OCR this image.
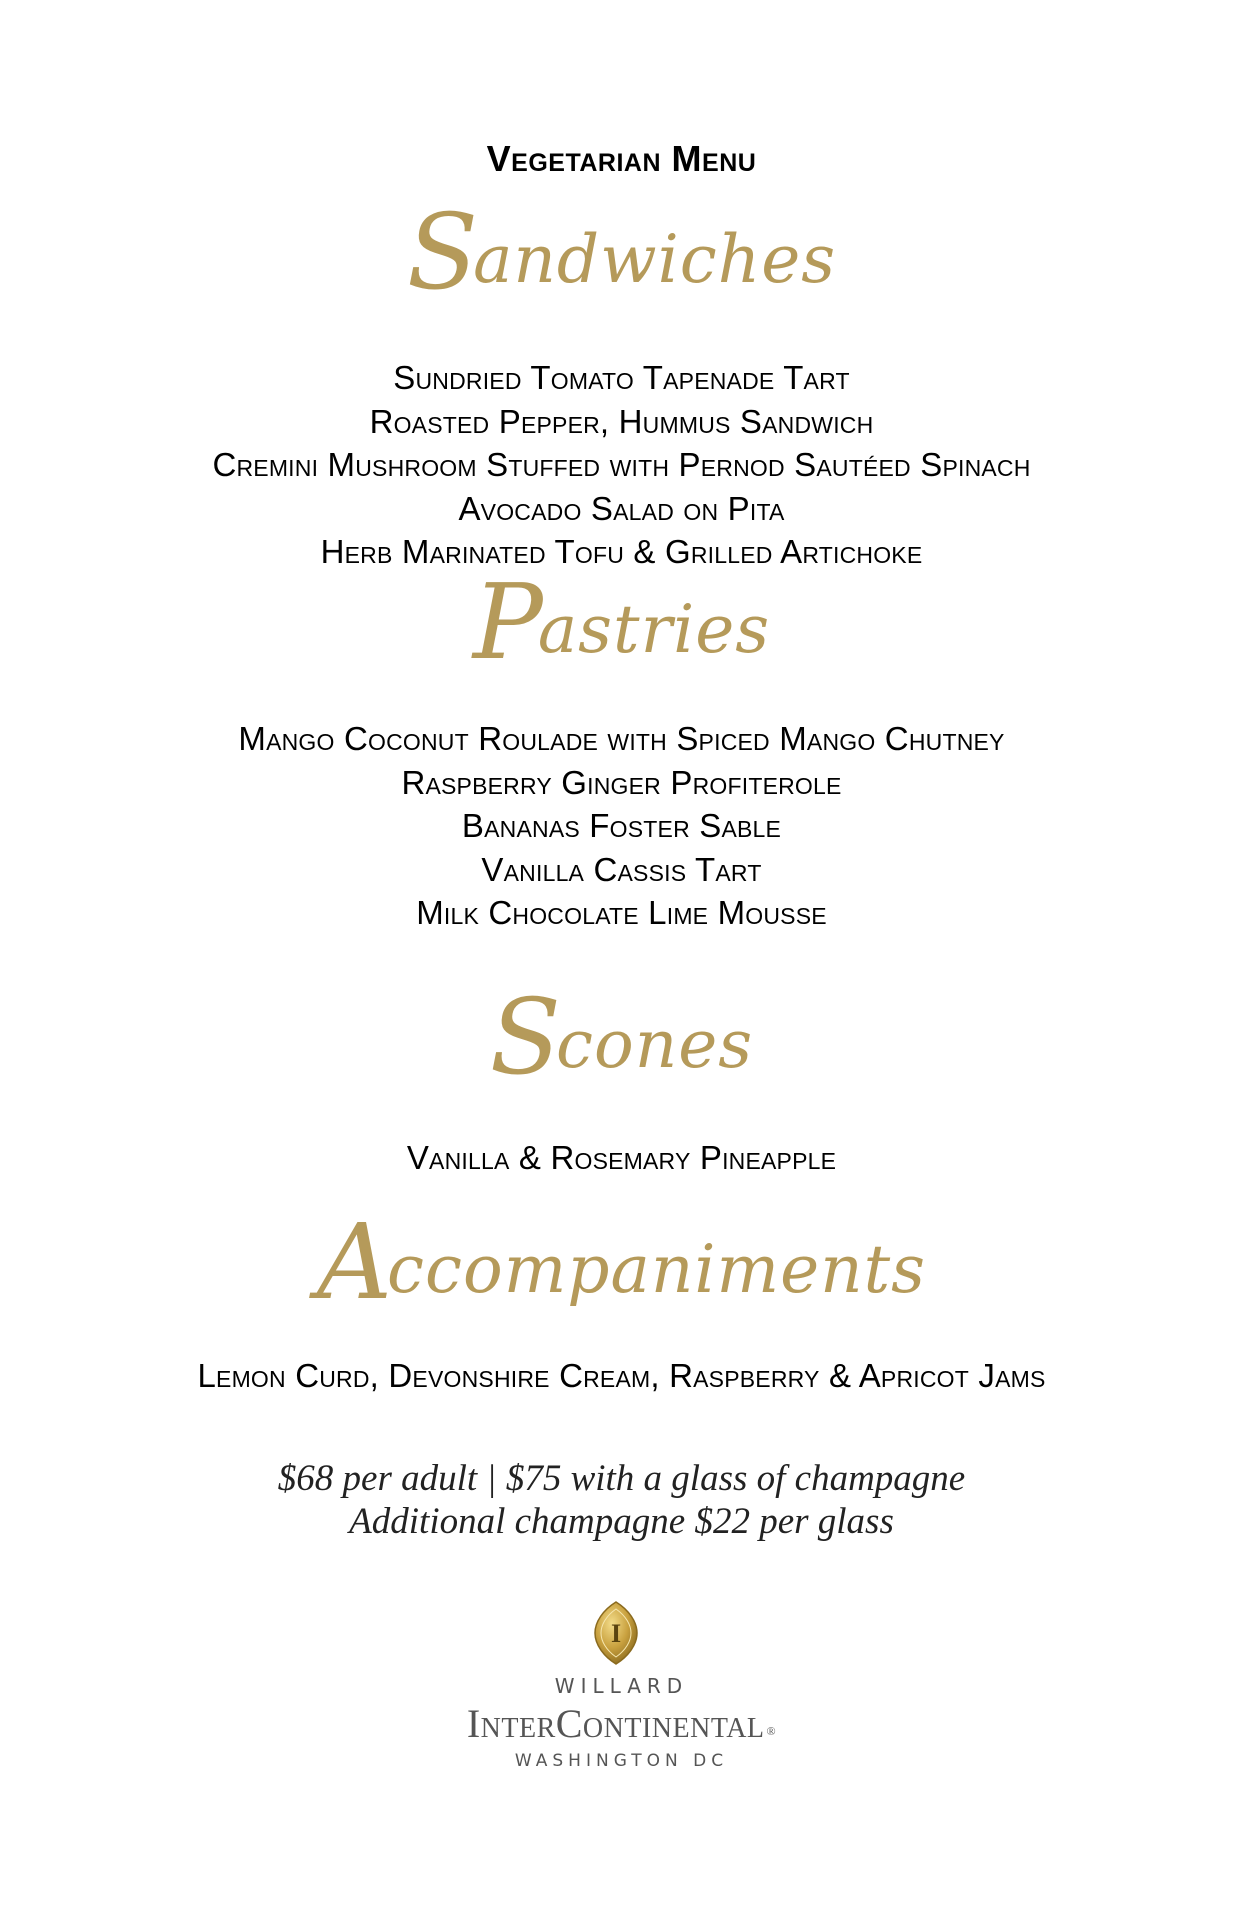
Vegetarian Menu
Sandwiches
Sundried Tomato Tapenade Tart
Roasted Pepper, Hummus Sandwich
Cremini Mushroom Stuffed with Pernod Sautéed Spinach
Avocado Salad on Pita
Herb Marinated Tofu & Grilled Artichoke
Pastries
Mango Coconut Roulade with Spiced Mango Chutney
Raspberry Ginger Profiterole
Bananas Foster Sable
Vanilla Cassis Tart
Milk Chocolate Lime Mousse
Scones
Vanilla & Rosemary Pineapple
Accompaniments
Lemon Curd, Devonshire Cream, Raspberry & Apricot Jams
$68 per adult | $75 with a glass of champagne
Additional champagne $22 per glass
I
WILLARD
InterContinental ®
WASHINGTON DC
